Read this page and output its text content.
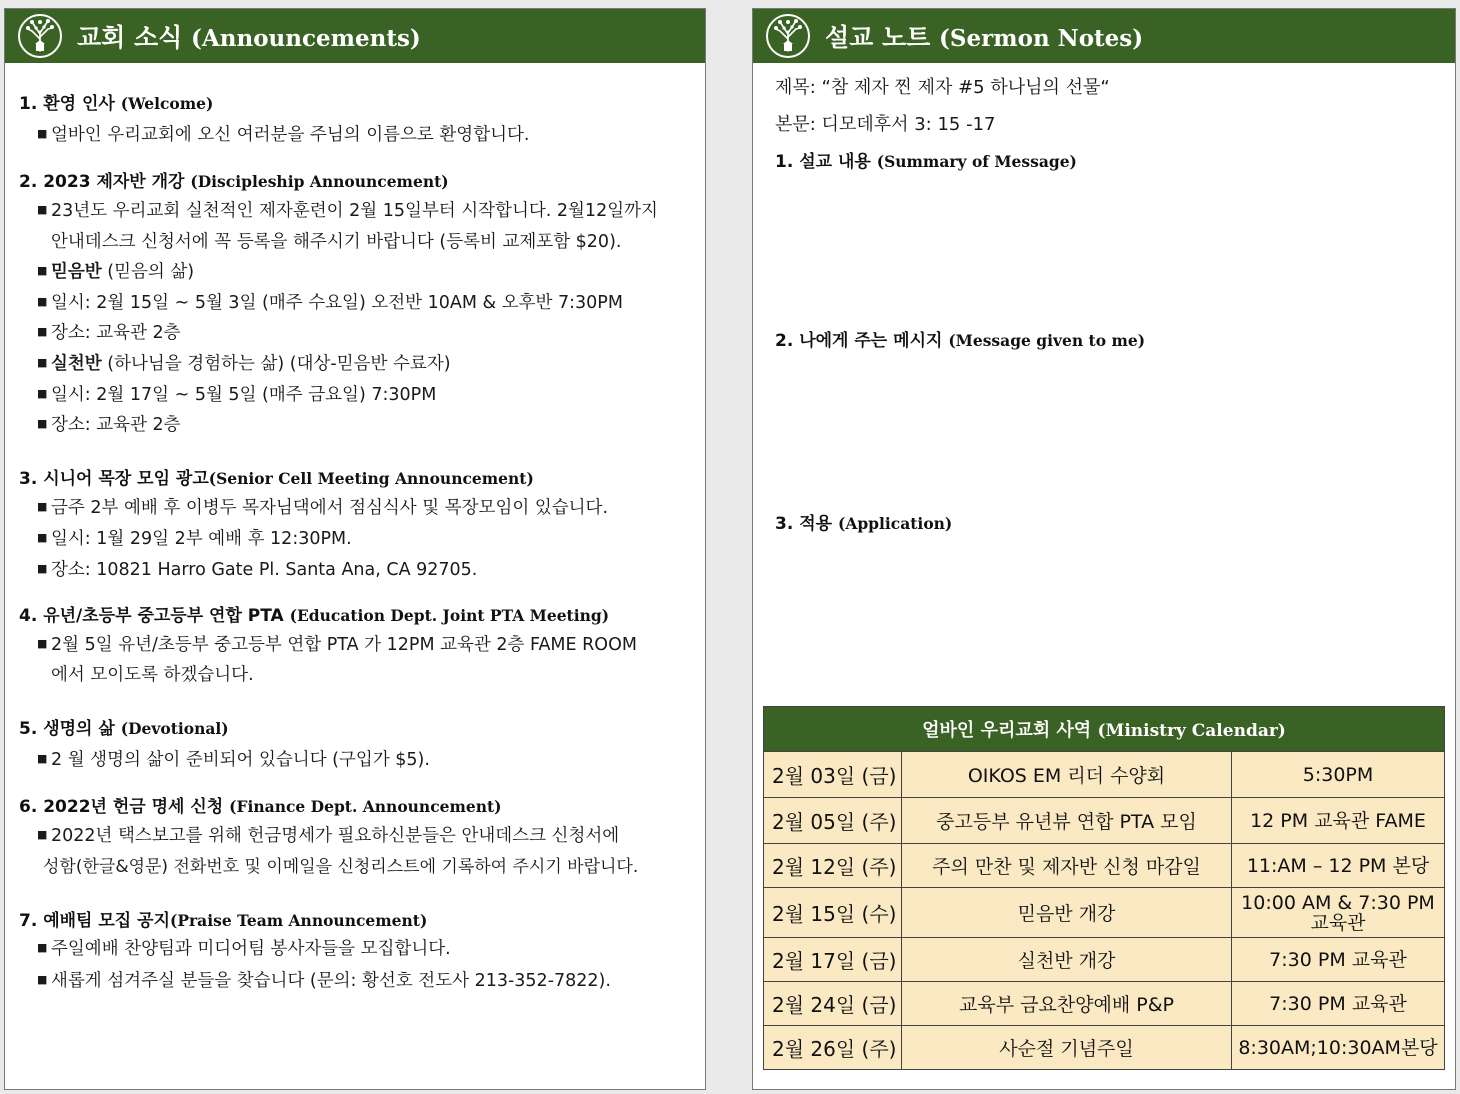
교회 소식 (Announcements)
1. 환영 인사 (Welcome)
■ 얼바인 우리교회에 오신 여러분을 주님의 이름으로 환영합니다.
2. 2023 제자반 개강 (Discipleship Announcement)
■ 23년도 우리교회 실천적인 제자훈련이 2월 15일부터 시작합니다. 2월12일까지
안내데스크 신청서에 꼭 등록을 해주시기 바랍니다 (등록비 교제포함 $20).
■ 믿음반 (믿음의 삶)
■ 일시: 2월 15일 ~ 5월 3일 (매주 수요일) 오전반 10AM & 오후반 7:30PM
■ 장소: 교육관 2층
■ 실천반 (하나님을 경험하는 삶) (대상-믿음반 수료자)
■ 일시: 2월 17일 ~ 5월 5일 (매주 금요일) 7:30PM
■ 장소: 교육관 2층
3. 시니어 목장 모임 광고(Senior Cell Meeting Announcement)
■ 금주 2부 예배 후 이병두 목자님댁에서 점심식사 및 목장모임이 있습니다.
■ 일시: 1월 29일 2부 예배 후 12:30PM.
■ 장소: 10821 Harro Gate Pl. Santa Ana, CA 92705.
4. 유년/초등부 중고등부 연합 PTA (Education Dept. Joint PTA Meeting)
■ 2월 5일 유년/초등부 중고등부 연합 PTA 가 12PM 교육관 2층 FAME ROOM
에서 모이도록 하겠습니다.
5. 생명의 삶 (Devotional)
■ 2 월 생명의 삶이 준비되어 있습니다 (구입가 $5).
6. 2022년 헌금 명세 신청 (Finance Dept. Announcement)
■ 2022년 택스보고를 위해 헌금명세가 필요하신분들은 안내데스크 신청서에
성함(한글&영문) 전화번호 및 이메일을 신청리스트에 기록하여 주시기 바랍니다.
7. 예배팀 모집 공지(Praise Team Announcement)
■ 주일예배 찬양팀과 미디어팀 봉사자들을 모집합니다.
■ 새롭게 섬겨주실 분들을 찾습니다 (문의: 황선호 전도사 213-352-7822).
설교 노트 (Sermon Notes)
제목: “참 제자 찐 제자 #5 하나님의 선물“
본문: 디모데후서 3: 15 -17
1. 설교 내용 (Summary of Message)
2. 나에게 주는 메시지 (Message given to me)
3. 적용 (Application)
얼바인 우리교회 사역 (Ministry Calendar)		
2월 03일 (금)	OIKOS EM 리더 수양회	5:30PM
2월 05일 (주)	중고등부 유년뷰 연합 PTA 모임	12 PM 교육관 FAME
2월 12일 (주)	주의 만찬 및 제자반 신청 마감일	11:AM – 12 PM 본당
2월 15일 (수)	믿음반 개강	10:00 AM & 7:30 PM 교육관
2월 17일 (금)	실천반 개강	7:30 PM 교육관
2월 24일 (금)	교육부 금요찬양예배 P&P	7:30 PM 교육관
2월 26일 (주)	사순절 기념주일	8:30AM;10:30AM본당
